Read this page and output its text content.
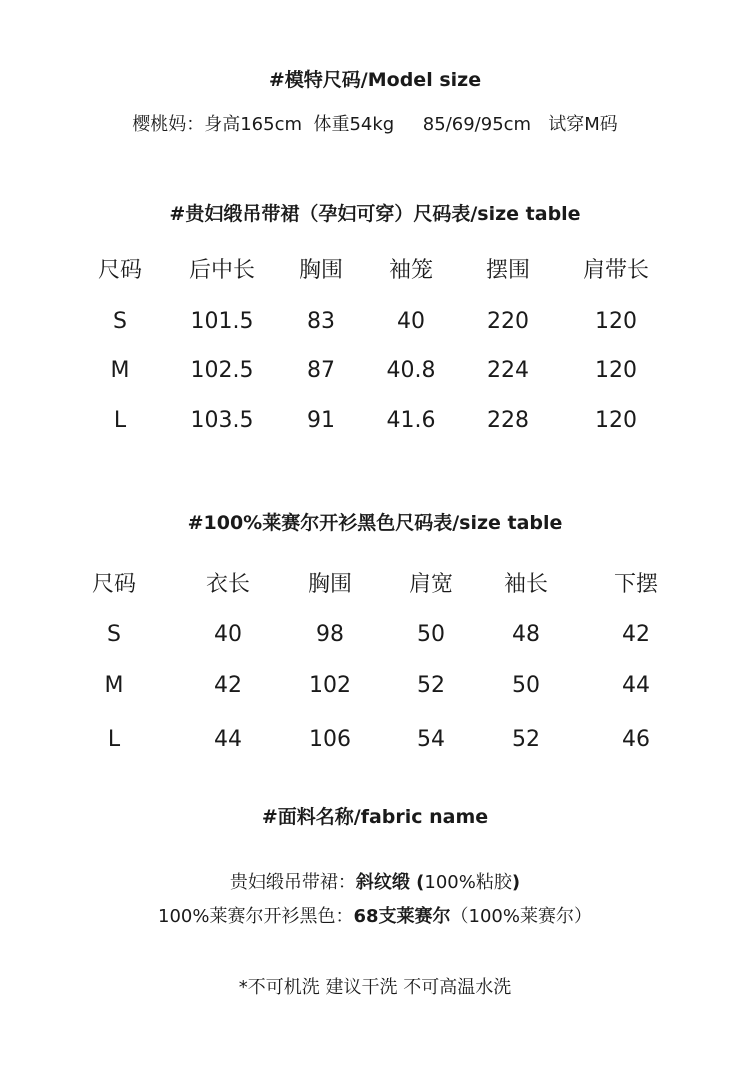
#模特尺码/Model size
樱桃妈：身高165cm  体重54kg     85/69/95cm   试穿M码
#贵妇缎吊带裙（孕妇可穿）尺码表/size table
尺码	后中长	胸围	袖笼	摆围	肩带长
S	101.5	83	40	220	120
M	102.5	87	40.8	224	120
L	103.5	91	41.6	228	120
#100%莱赛尔开衫黑色尺码表/size table
尺码	衣长	胸围	肩宽	袖长	下摆
S	40	98	50	48	42
M	42	102	52	50	44
L	44	106	54	52	46
#面料名称/fabric name
贵妇缎吊带裙：斜纹缎 (100%粘胶)
100%莱赛尔开衫黑色：68支莱赛尔（100%莱赛尔）
*不可机洗 建议干洗 不可高温水洗
